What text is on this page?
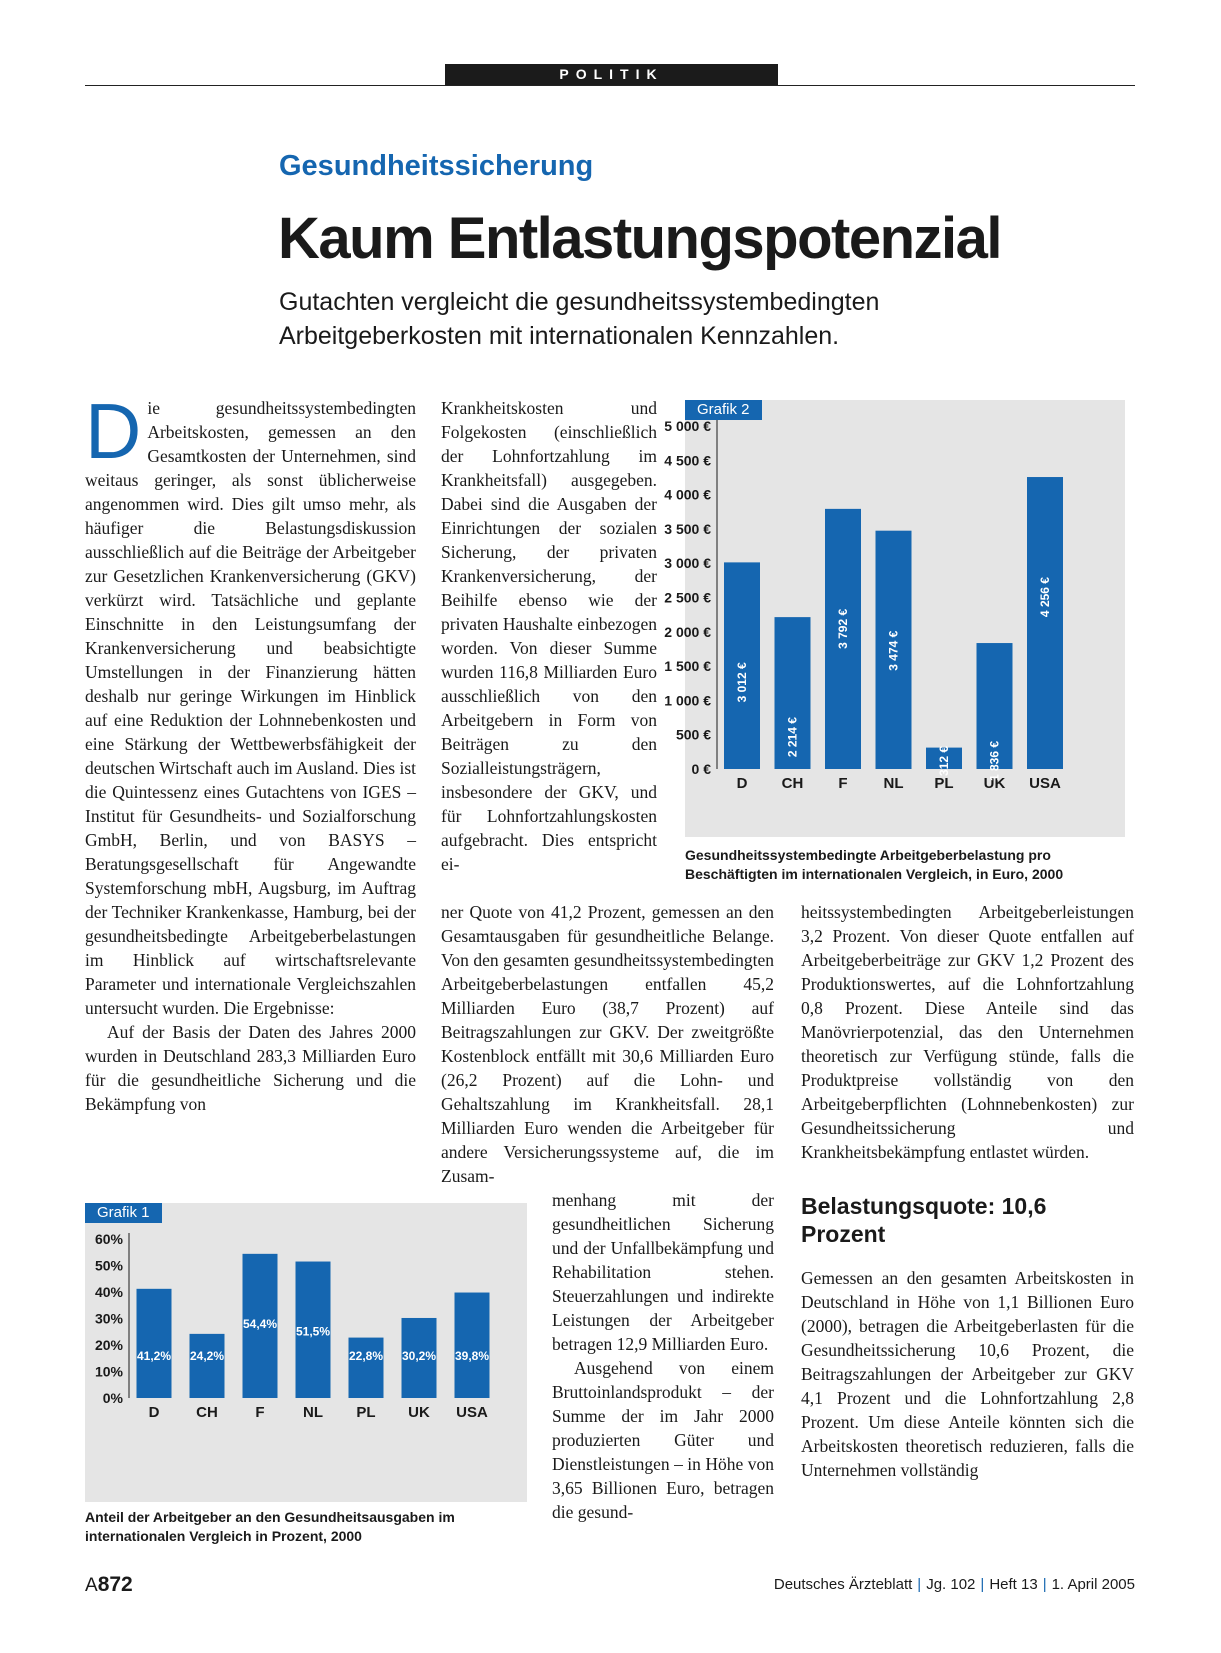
POLITIK
Gesundheitssicherung
Kaum Entlastungspotenzial
Gutachten vergleicht die gesundheitssystembedingten Arbeitgeberkosten mit internationalen Kennzahlen.

Die gesundheitssystembedingten Arbeitskosten, gemessen an den Gesamtkosten der Unternehmen, sind weitaus geringer, als sonst üblicherweise angenommen wird. Dies gilt umso mehr, als häufiger die Belastungsdiskussion ausschließlich auf die Beiträge der Arbeitgeber zur Gesetzlichen Krankenversicherung (GKV) verkürzt wird. Tatsächliche und geplante Einschnitte in den Leistungsumfang der Krankenversicherung und beabsichtigte Umstellungen in der Finanzierung hätten deshalb nur geringe Wirkungen im Hinblick auf eine Reduktion der Lohnnebenkosten und eine Stärkung der Wettbewerbsfähigkeit der deutschen Wirtschaft auch im Ausland. Dies ist die Quintessenz eines Gutachtens von IGES – Institut für Gesundheits- und Sozialforschung GmbH, Berlin, und von BASYS – Beratungsgesellschaft für Angewandte Systemforschung mbH, Augsburg, im Auftrag der Techniker Krankenkasse, Hamburg, bei der gesundheitsbedingte Arbeitgeberbelastungen im Hinblick auf wirtschaftsrelevante Parameter und internationale Vergleichszahlen untersucht wurden. Die Ergebnisse:

Auf der Basis der Daten des Jahres 2000 wurden in Deutschland 283,3 Milliarden Euro für die gesundheitliche Sicherung und die Bekämpfung von

Krankheitskosten und Folgekosten (einschließlich der Lohnfortzahlung im Krankheitsfall) ausgegeben. Dabei sind die Ausgaben der Einrichtungen der sozialen Sicherung, der privaten Krankenversicherung, der Beihilfe ebenso wie der privaten Haushalte einbezogen worden. Von dieser Summe wurden 116,8 Milliarden Euro ausschließlich von den Arbeitgebern in Form von Beiträgen zu den Sozialleistungsträgern, insbesondere der GKV, und für Lohnfortzahlungskosten aufgebracht. Dies entspricht ei-

ner Quote von 41,2 Prozent, gemessen an den Gesamtausgaben für gesundheitliche Belange. Von den gesamten gesundheitssystembedingten Arbeitgeberbelastungen entfallen 45,2 Milliarden Euro (38,7 Prozent) auf Beitragszahlungen zur GKV. Der zweitgrößte Kostenblock entfällt mit 30,6 Milliarden Euro (26,2 Prozent) auf die Lohn- und Gehaltszahlung im Krankheitsfall. 28,1 Milliarden Euro wenden die Arbeitgeber für andere Versicherungssysteme auf, die im Zusam-

menhang mit der gesundheitlichen Sicherung und der Unfallbekämpfung und Rehabilitation stehen. Steuerzahlungen und indirekte Leistungen der Arbeitgeber betragen 12,9 Milliarden Euro.

Ausgehend von einem Bruttoinlandsprodukt – der Summe der im Jahr 2000 produzierten Güter und Dienstleistungen – in Höhe von 3,65 Billionen Euro, betragen die gesund-

heitssystembedingten Arbeitgeberleistungen 3,2 Prozent. Von dieser Quote entfallen auf Arbeitgeberbeiträge zur GKV 1,2 Prozent des Produktionswertes, auf die Lohnfortzahlung 0,8 Prozent. Diese Anteile sind das Manövrierpotenzial, das den Unternehmen theoretisch zur Verfügung stünde, falls die Produktpreise vollständig von den Arbeitgeberpflichten (Lohnnebenkosten) zur Gesundheitssicherung und Krankheitsbekämpfung entlastet würden.

Belastungsquote: 10,6 Prozent

Gemessen an den gesamten Arbeitskosten in Deutschland in Höhe von 1,1 Billionen Euro (2000), betragen die Arbeitgeberlasten für die Gesundheitssicherung 10,6 Prozent, die Beitragszahlungen der Arbeitgeber zur GKV 4,1 Prozent und die Lohnfortzahlung 2,8 Prozent. Um diese Anteile könnten sich die Arbeitskosten theoretisch reduzieren, falls die Unternehmen vollständig

Grafik 1
0%
10%
20%
30%
40%
50%
60%
D
41,2%
CH
24,2%
F
54,4%
NL
51,5%
PL
22,8%
UK
30,2%
USA
39,8%
Anteil der Arbeitgeber an den Gesundheitsausgaben im internationalen Vergleich in Prozent, 2000
Grafik 2
0 €
500 €
1 000 €
1 500 €
2 000 €
2 500 €
3 000 €
3 500 €
4 000 €
4 500 €
5 000 €
D
3 012 €
CH
2 214 €
F
3 792 €
NL
3 474 €
PL
312 €
UK
1 836 €
USA
4 256 €
Gesundheitssystembedingte Arbeitgeberbelastung pro Beschäftigten im internationalen Vergleich, in Euro, 2000
A872	Deutsches Ärzteblatt | Jg. 102 | Heft 13 | 1. April 2005
